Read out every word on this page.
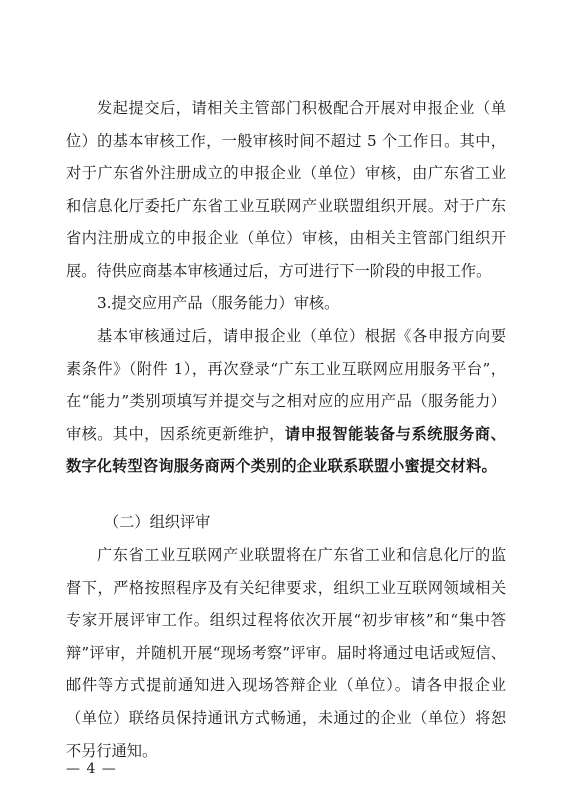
发起提交后，请相关主管部门积极配合开展对申报企业（单位）的基本审核工作，一般审核时间不超过 5 个工作日。其中，对于广东省外注册成立的申报企业（单位）审核，由广东省工业和信息化厅委托广东省工业互联网产业联盟组织开展。对于广东省内注册成立的申报企业（单位）审核，由相关主管部门组织开展。待供应商基本审核通过后，方可进行下一阶段的申报工作。

3.提交应用产品（服务能力）审核。

基本审核通过后，请申报企业（单位）根据《各申报方向要素条件》（附件 1），再次登录“广东工业互联网应用服务平台”，在“能力”类别项填写并提交与之相对应的应用产品（服务能力）审核。其中，因系统更新维护，请申报智能装备与系统服务商、数字化转型咨询服务商两个类别的企业联系联盟小蜜提交材料。

（二）组织评审

广东省工业互联网产业联盟将在广东省工业和信息化厅的监督下，严格按照程序及有关纪律要求，组织工业互联网领域相关专家开展评审工作。组织过程将依次开展“初步审核”和“集中答辩”评审，并随机开展“现场考察”评审。届时将通过电话或短信、邮件等方式提前通知进入现场答辩企业（单位）。请各申报企业（单位）联络员保持通讯方式畅通，未通过的企业（单位）将恕不另行通知。

— 4 —
